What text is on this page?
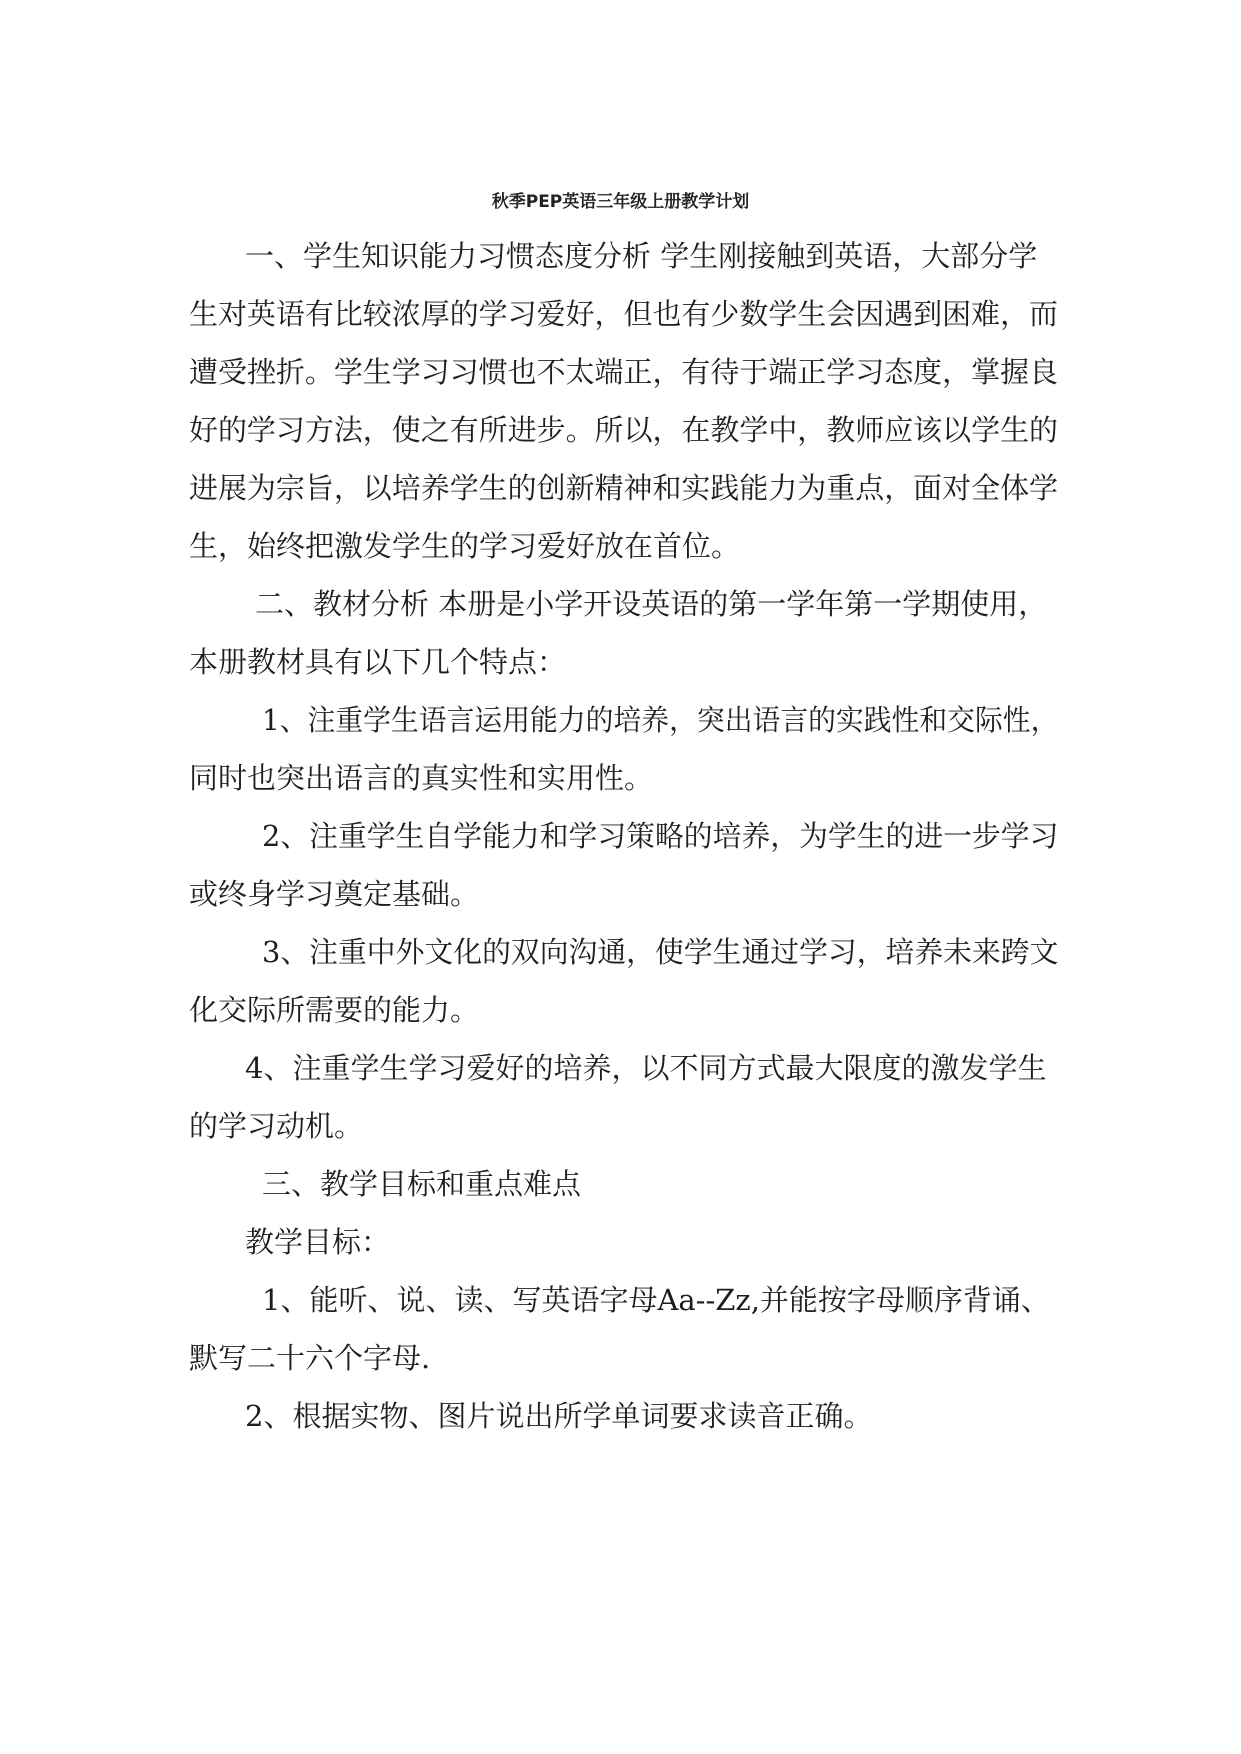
秋季PEP英语三年级上册教学计划
一、学生知识能力习惯态度分析 学生刚接触到英语，大部分学
生对英语有比较浓厚的学习爱好，但也有少数学生会因遇到困难，而
遭受挫折。学生学习习惯也不太端正，有待于端正学习态度，掌握良
好的学习方法，使之有所进步。所以，在教学中，教师应该以学生的
进展为宗旨，以培养学生的创新精神和实践能力为重点，面对全体学
生，始终把激发学生的学习爱好放在首位。
二、教材分析 本册是小学开设英语的第一学年第一学期使用，
本册教材具有以下几个特点：
1、注重学生语言运用能力的培养，突出语言的实践性和交际性，
同时也突出语言的真实性和实用性。
2、注重学生自学能力和学习策略的培养，为学生的进一步学习
或终身学习奠定基础。
3、注重中外文化的双向沟通，使学生通过学习，培养未来跨文
化交际所需要的能力。
4、注重学生学习爱好的培养，以不同方式最大限度的激发学生
的学习动机。
三、教学目标和重点难点
教学目标：
1、能听、说、读、写英语字母Aa--Zz,并能按字母顺序背诵、
默写二十六个字母.
2、根据实物、图片说出所学单词要求读音正确。
